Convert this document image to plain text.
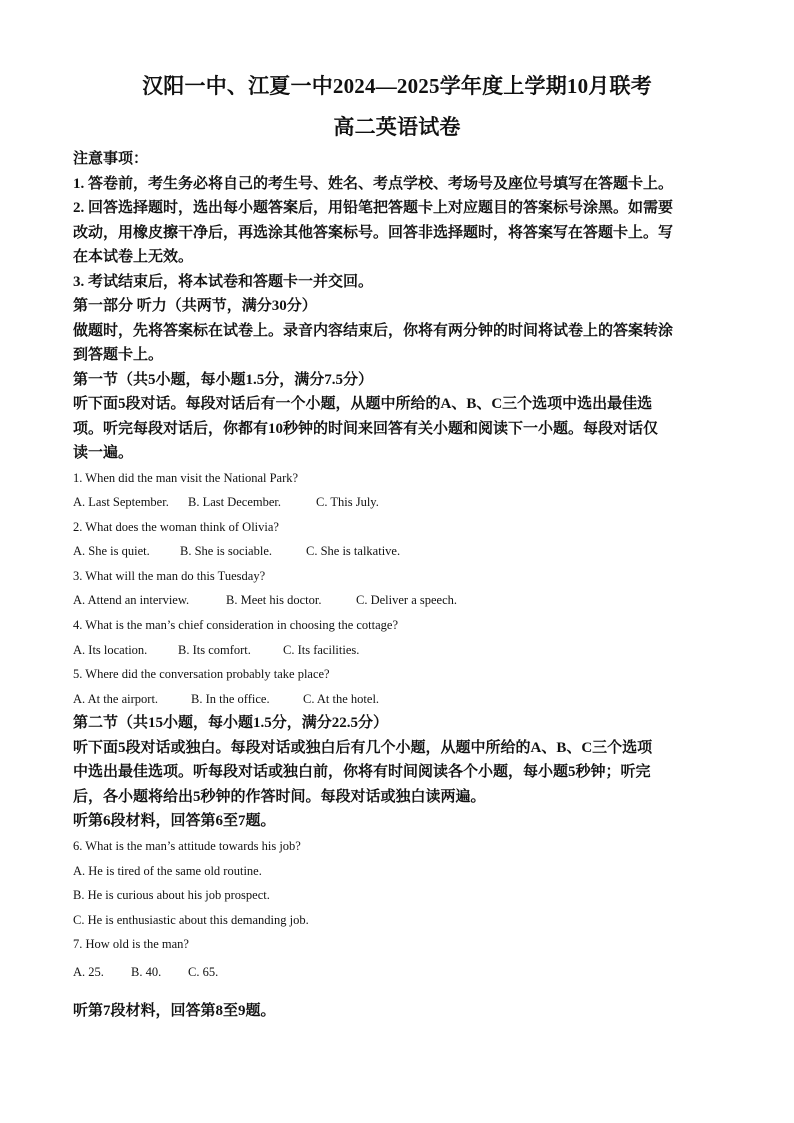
汉阳一中、江夏一中2024—2025学年度上学期10月联考
高二英语试卷

注意事项：

1. 答卷前，考生务必将自己的考生号、姓名、考点学校、考场号及座位号填写在答题卡上。

2. 回答选择题时，选出每小题答案后，用铅笔把答题卡上对应题目的答案标号涂黑。如需要

改动，用橡皮擦干净后，再选涂其他答案标号。回答非选择题时，将答案写在答题卡上。写

在本试卷上无效。

3. 考试结束后，将本试卷和答题卡一并交回。

第一部分 听力（共两节，满分30分）

做题时，先将答案标在试卷上。录音内容结束后，你将有两分钟的时间将试卷上的答案转涂

到答题卡上。

第一节（共5小题，每小题1.5分，满分7.5分）

听下面5段对话。每段对话后有一个小题，从题中所给的A、B、C三个选项中选出最佳选

项。听完每段对话后，你都有10秒钟的时间来回答有关小题和阅读下一小题。每段对话仅

读一遍。

1. When did the man visit the National Park?

A. Last September. B. Last December.	C. This July.

2. What does the woman think of Olivia?

A. She is quiet. B. She is sociable.	C. She is talkative.

3. What will the man do this Tuesday?

A. Attend an interview.	B. Meet his doctor.	C. Deliver a speech.

4. What is the man’s chief consideration in choosing the cottage?

A. Its location. B. Its comfort.	C. Its facilities.

5. Where did the conversation probably take place?

A. At the airport.	B. In the office.	C. At the hotel.

第二节（共15小题，每小题1.5分，满分22.5分）

听下面5段对话或独白。每段对话或独白后有几个小题，从题中所给的A、B、C三个选项

中选出最佳选项。听每段对话或独白前，你将有时间阅读各个小题，每小题5秒钟；听完

后，各小题将给出5秒钟的作答时间。每段对话或独白读两遍。

听第6段材料，回答第6至7题。

6. What is the man’s attitude towards his job?

A. He is tired of the same old routine.

B. He is curious about his job prospect.

C. He is enthusiastic about this demanding job.

7. How old is the man?

A. 25. B. 40. C. 65.

听第7段材料，回答第8至9题。
